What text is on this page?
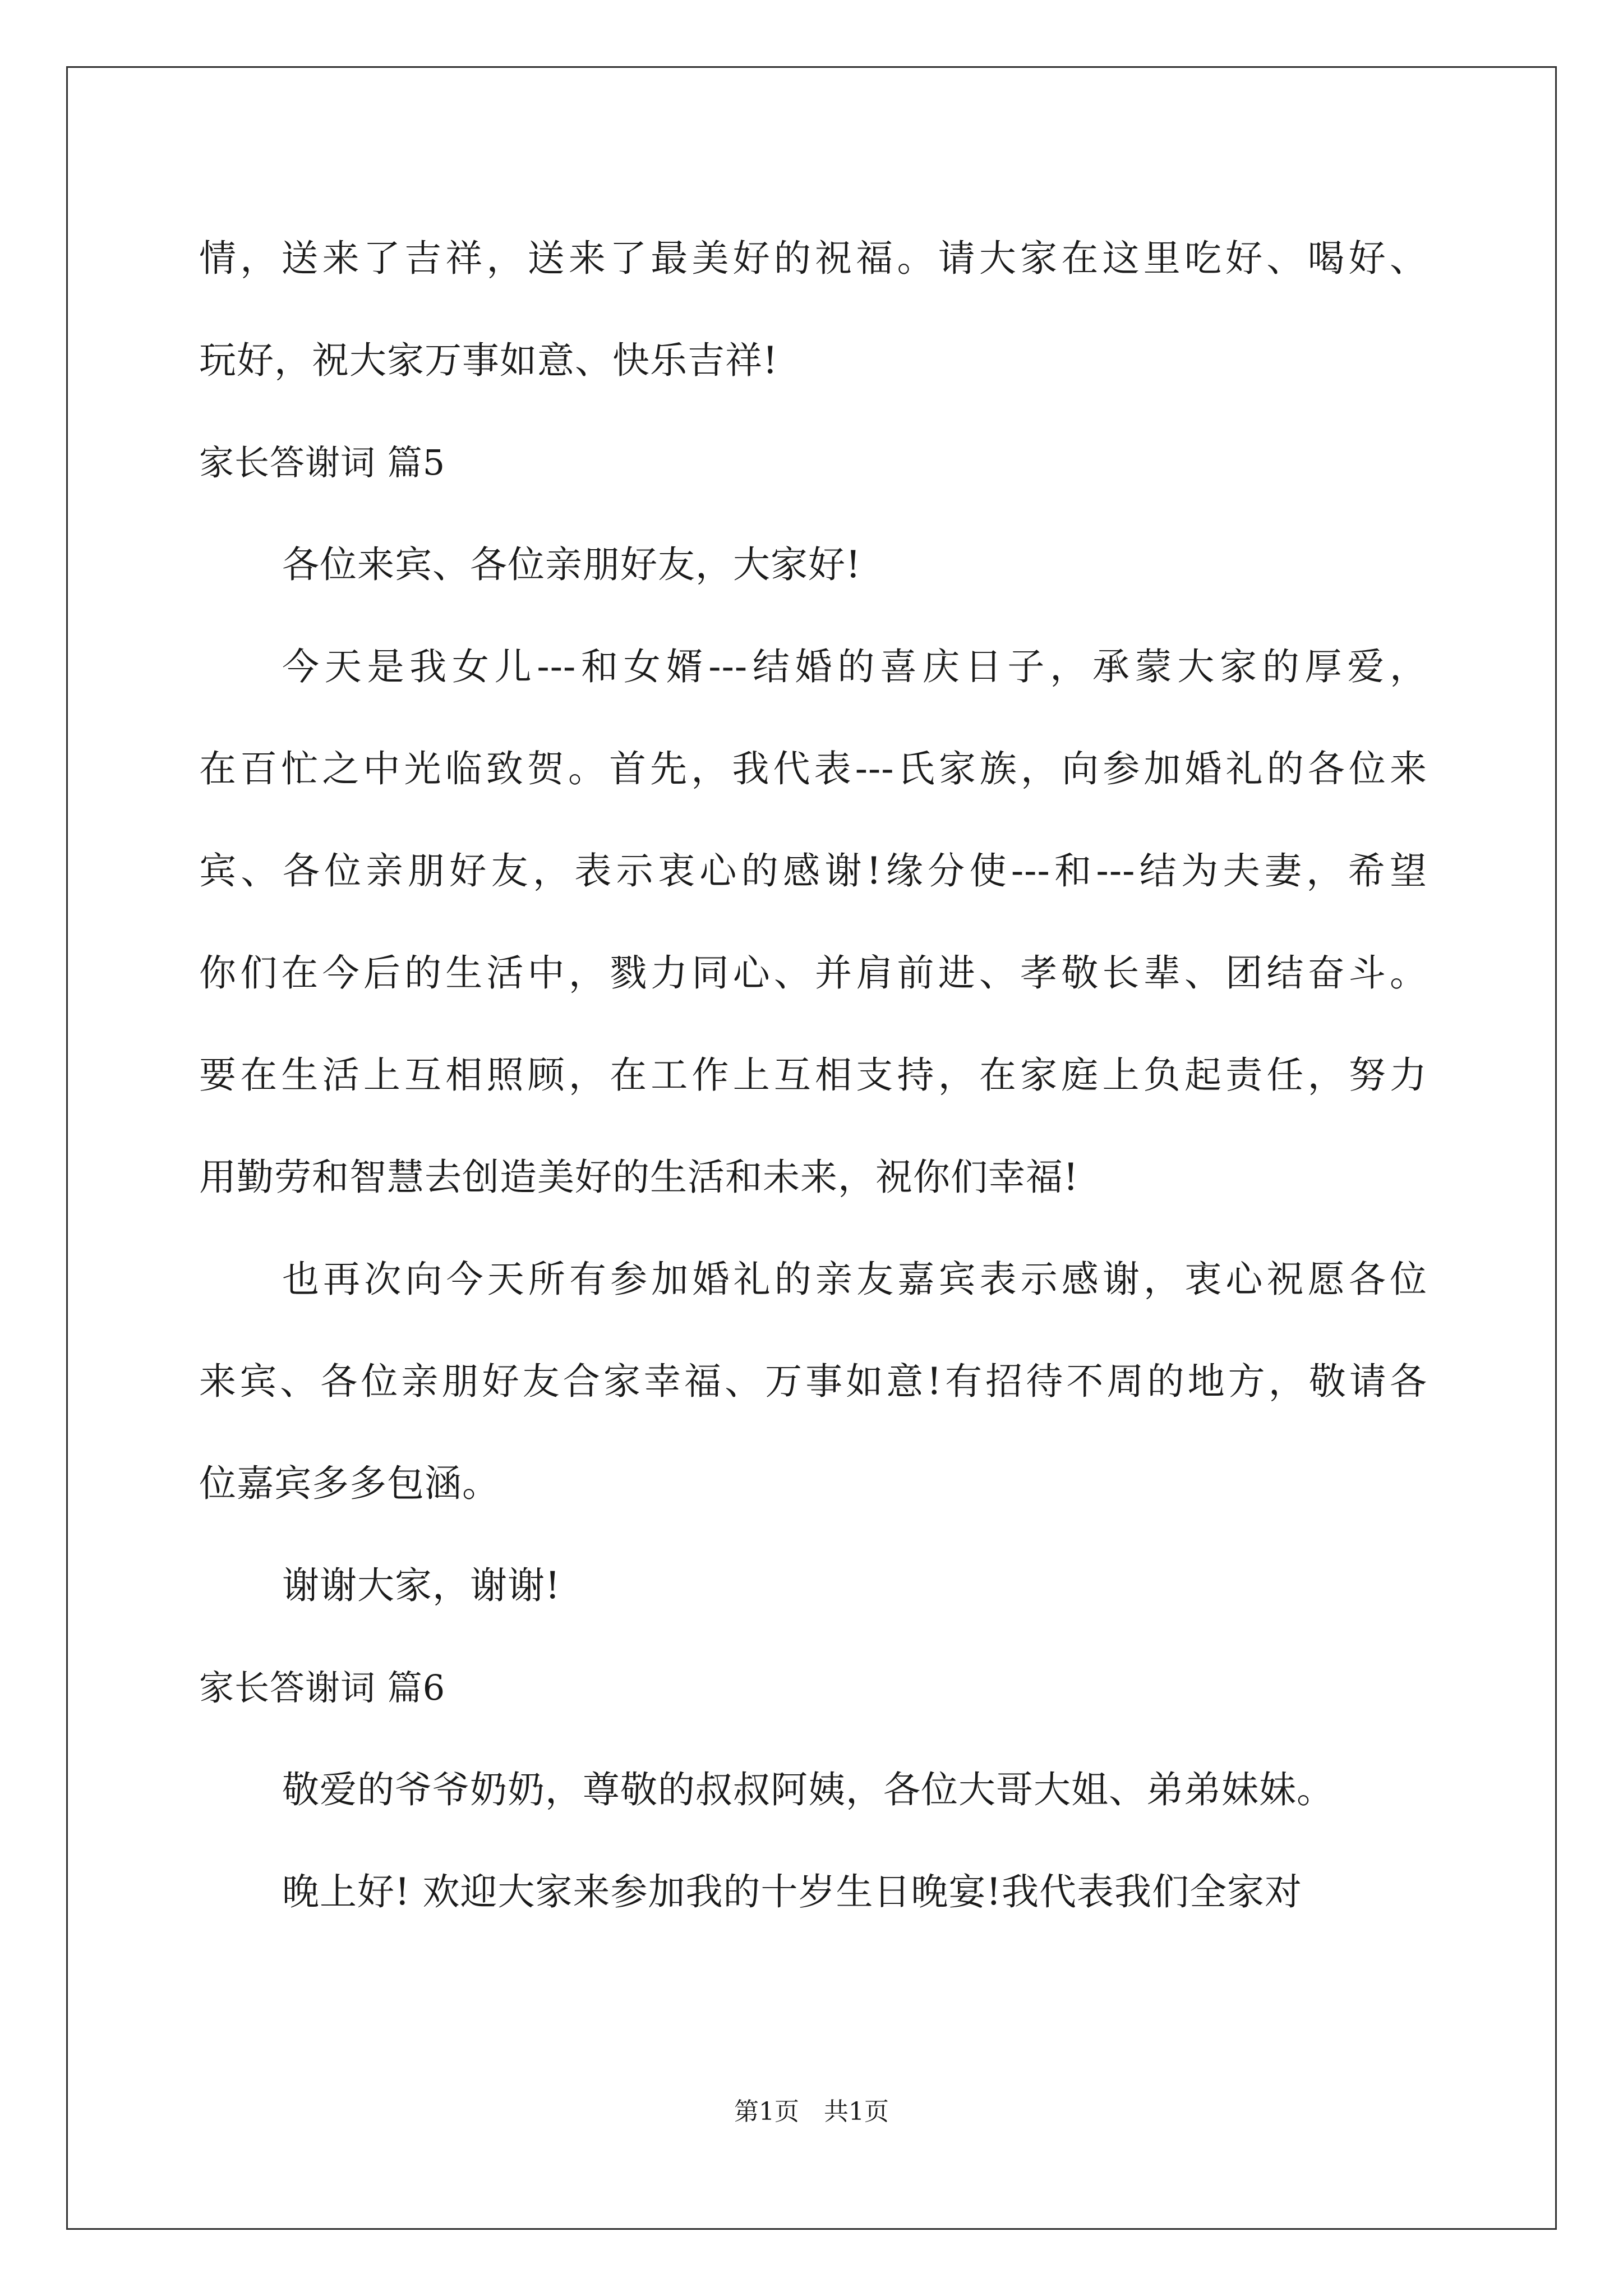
情，送来了吉祥，送来了最美好的祝福。请大家在这里吃好、喝好、
玩好，祝大家万事如意、快乐吉祥!
家长答谢词 篇5
各位来宾、各位亲朋好友，大家好!
今天是我女儿---和女婿---结婚的喜庆日子，承蒙大家的厚爱，
在百忙之中光临致贺。首先，我代表---氏家族，向参加婚礼的各位来
宾、各位亲朋好友，表示衷心的感谢!缘分使---和---结为夫妻，希望
你们在今后的生活中，戮力同心、并肩前进、孝敬长辈、团结奋斗。
要在生活上互相照顾，在工作上互相支持，在家庭上负起责任，努力
用勤劳和智慧去创造美好的生活和未来，祝你们幸福!
也再次向今天所有参加婚礼的亲友嘉宾表示感谢，衷心祝愿各位
来宾、各位亲朋好友合家幸福、万事如意!有招待不周的地方，敬请各
位嘉宾多多包涵。
谢谢大家，谢谢!
家长答谢词 篇6
敬爱的爷爷奶奶，尊敬的叔叔阿姨，各位大哥大姐、弟弟妹妹。
晚上好! 欢迎大家来参加我的十岁生日晚宴!我代表我们全家对
第1页　共1页
